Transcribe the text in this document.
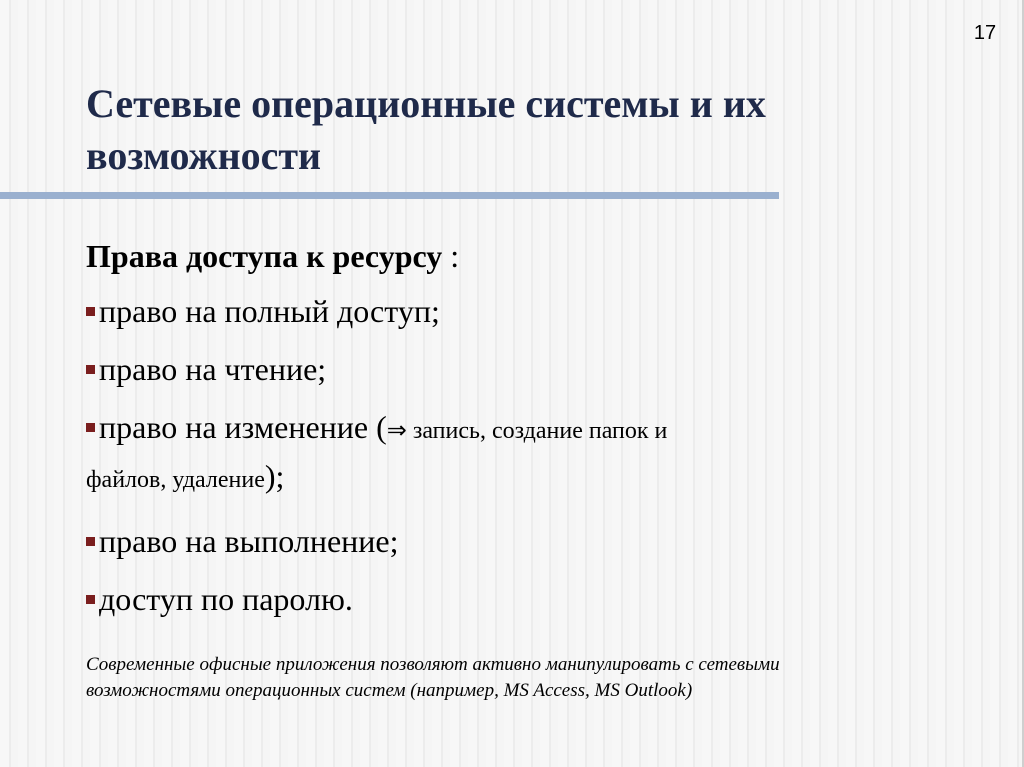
17
Сетевые операционные системы и их
возможности

Права доступа к ресурсу :

право на полный доступ;

право на чтение;

право на изменение (⇒ запись, создание папок и

файлов, удаление);

право на выполнение;

доступ по паролю.

Современные офисные приложения позволяют активно манипулировать с сетевыми
возможностями операционных систем (например, MS Access, MS Outlook)
